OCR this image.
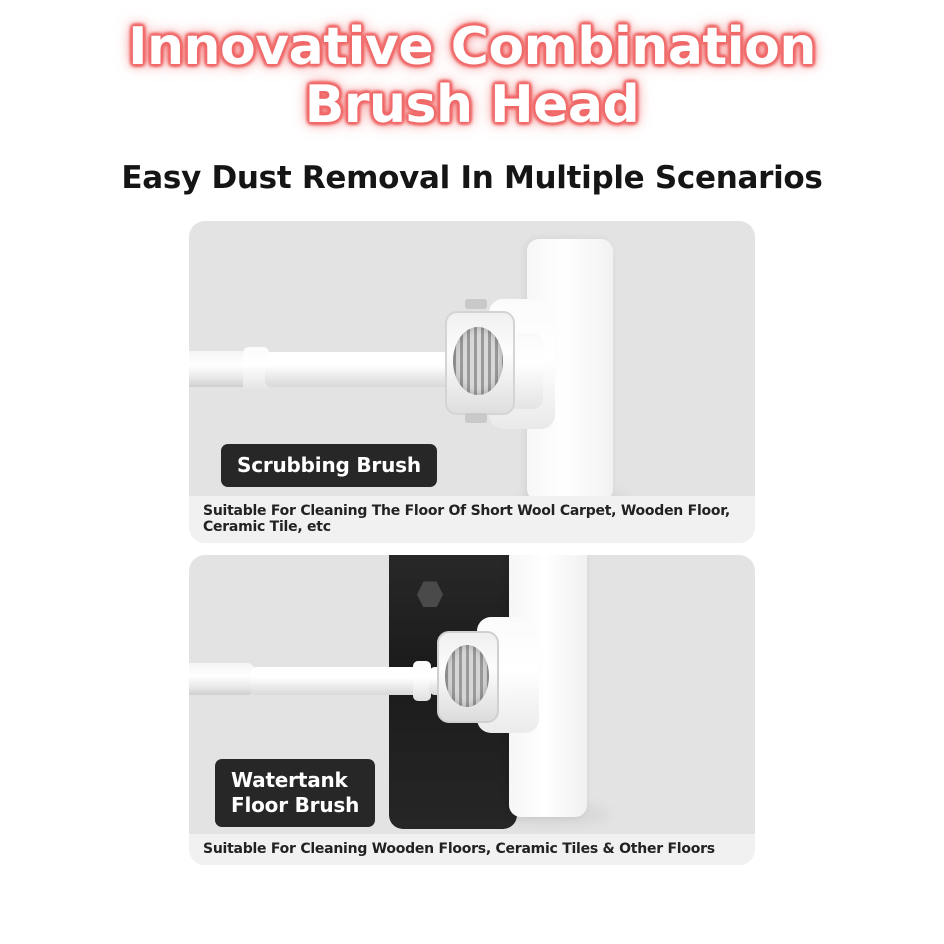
Innovative Combination
Brush Head
Easy Dust Removal In Multiple Scenarios
Scrubbing Brush
Suitable For Cleaning The Floor Of Short Wool Carpet, Wooden Floor, Ceramic Tile, etc
Watertank
Floor Brush
Suitable For Cleaning Wooden Floors, Ceramic Tiles & Other Floors
